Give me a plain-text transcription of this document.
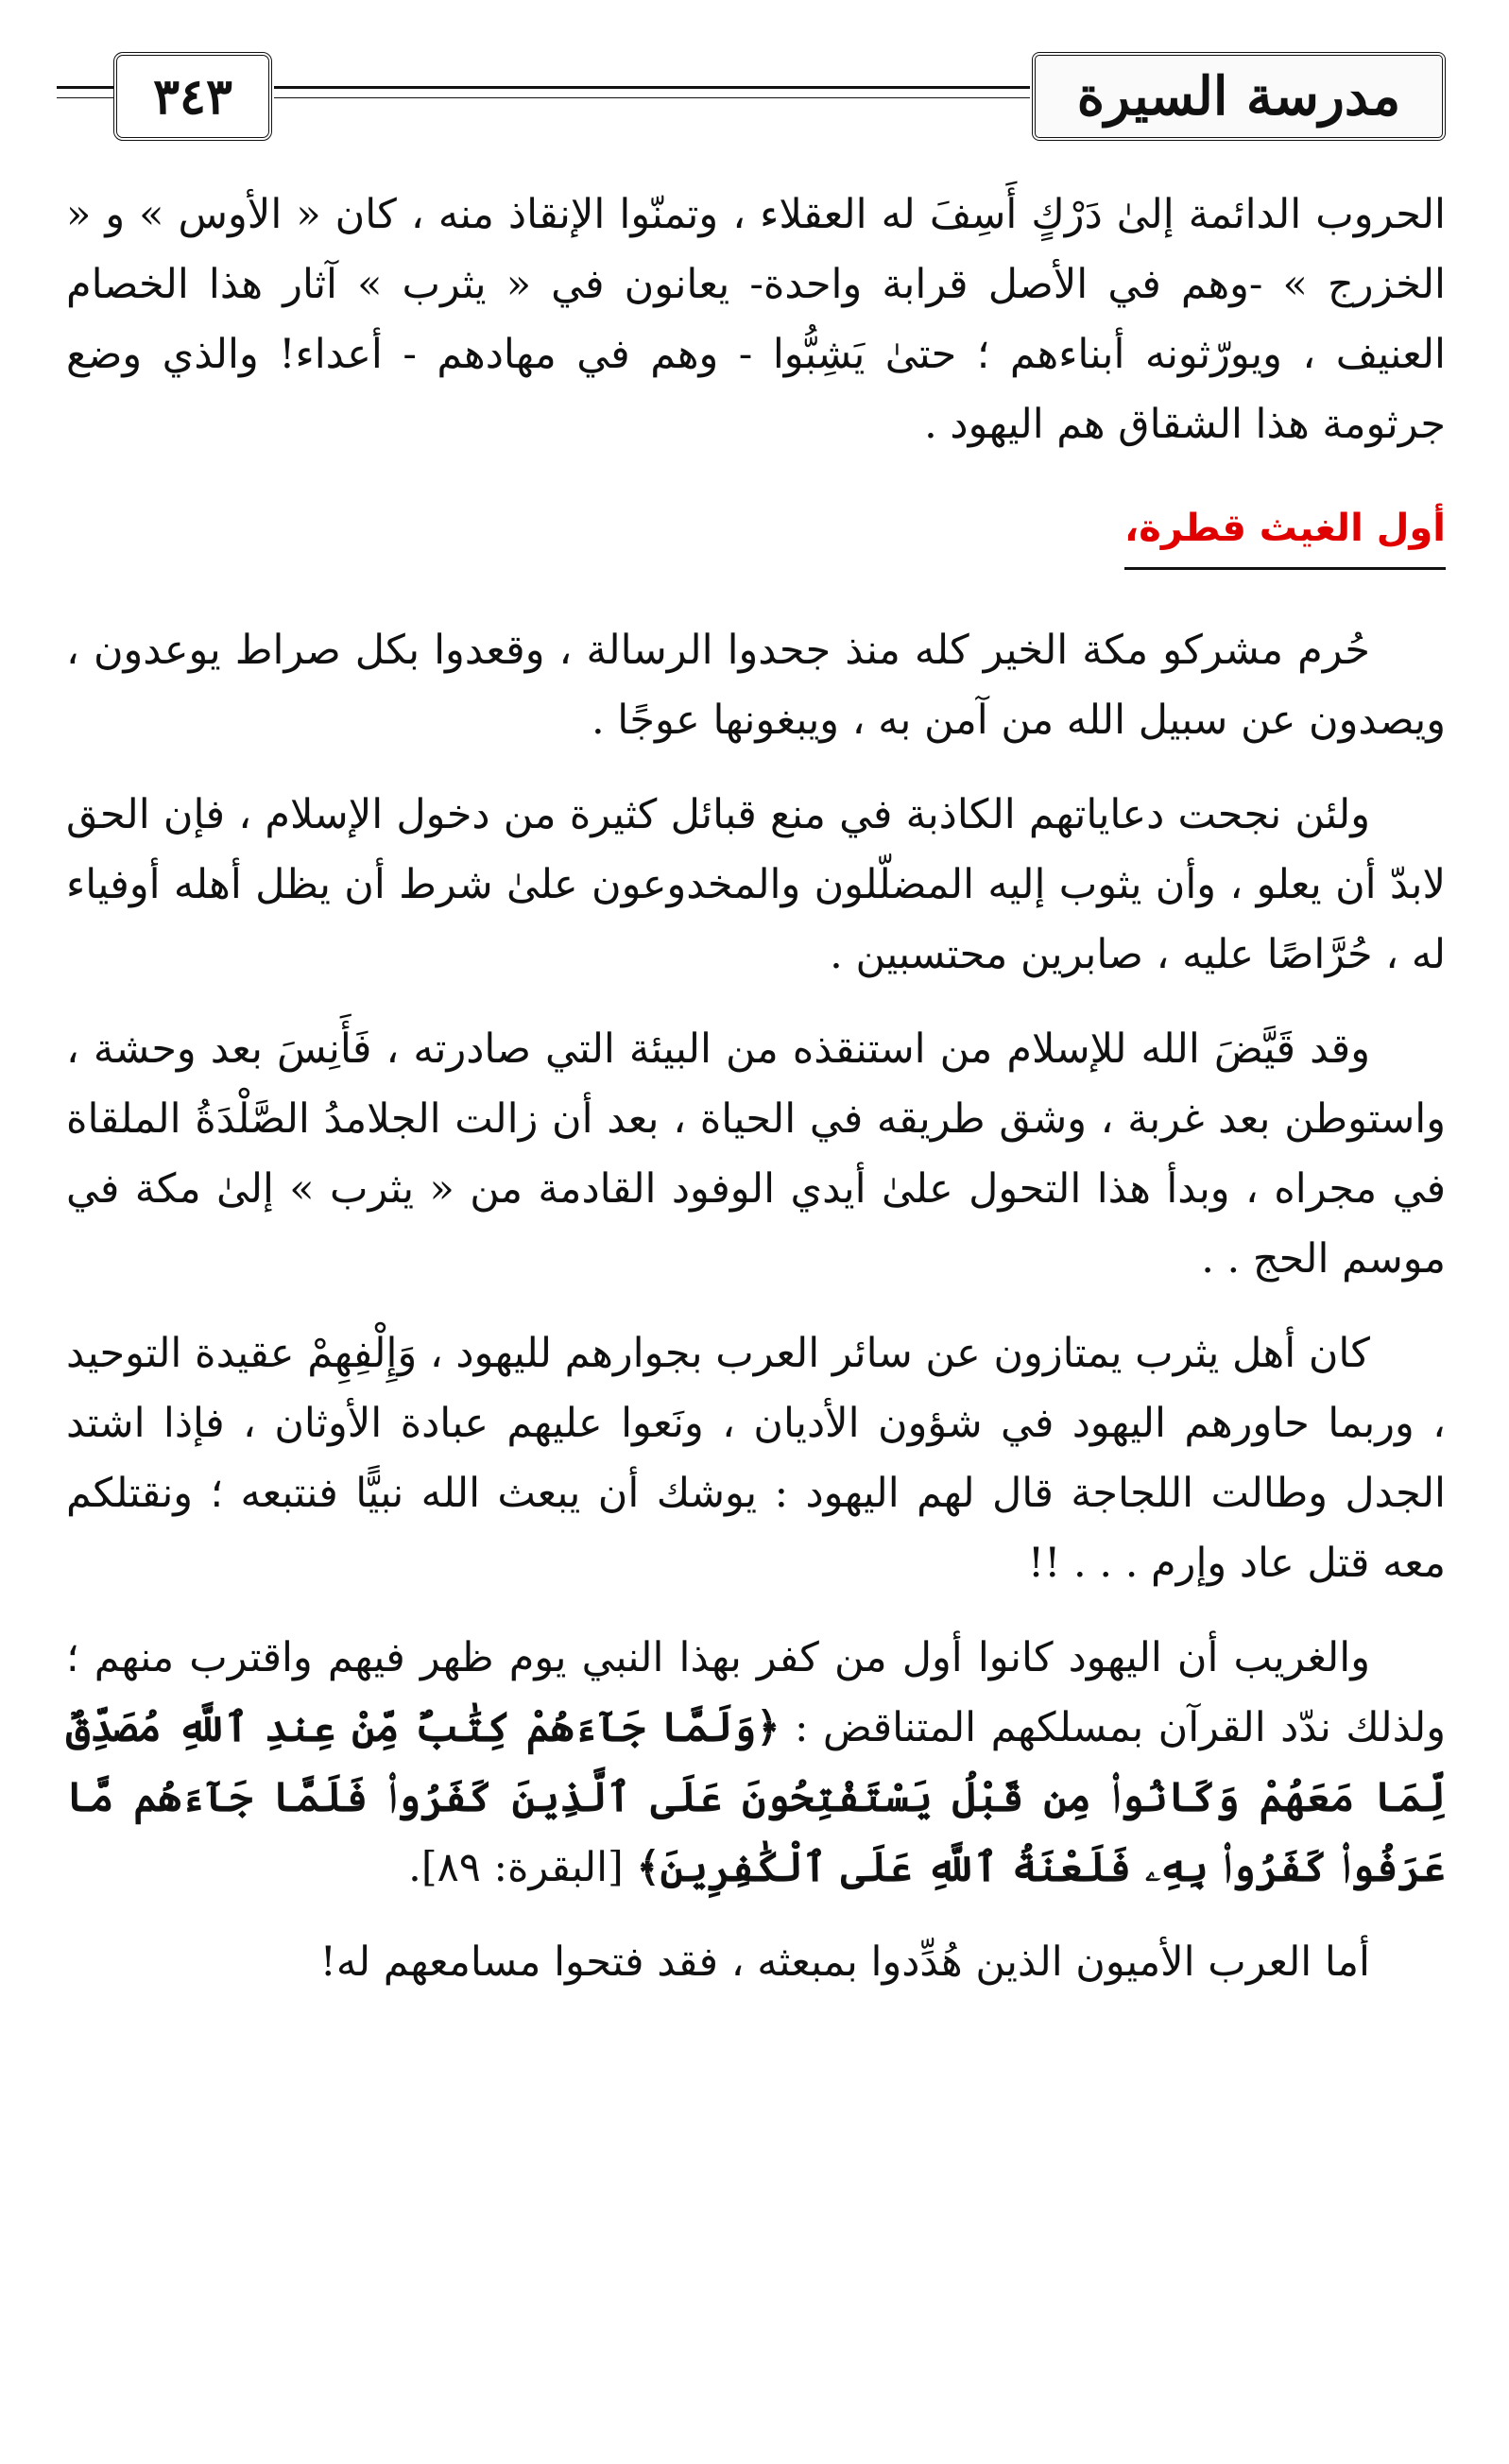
٣٤٣	مدرسة السيرة

الحروب الدائمة إلىٰ دَرْكٍ أَسِفَ له العقلاء ، وتمنّوا الإنقاذ منه ، كان « الأوس » و « الخزرج » -وهم في الأصل قرابة واحدة- يعانون في « يثرب » آثار هذا الخصام العنيف ، ويورّثونه أبناءهم ؛ حتىٰ يَشِبُّوا - وهم في مهادهم - أعداء! والذي وضع جرثومة هذا الشقاق هم اليهود .

أول الغيث قطرة،

حُرم مشركو مكة الخير كله منذ جحدوا الرسالة ، وقعدوا بكل صراط يوعدون ، ويصدون عن سبيل الله من آمن به ، ويبغونها عوجًا .

ولئن نجحت دعاياتهم الكاذبة في منع قبائل كثيرة من دخول الإسلام ، فإن الحق لابدّ أن يعلو ، وأن يثوب إليه المضلّلون والمخدوعون علىٰ شرط أن يظل أهله أوفياء له ، حُرَّاصًا عليه ، صابرين محتسبين .

وقد قَيَّضَ الله للإسلام من استنقذه من البيئة التي صادرته ، فَأَنِسَ بعد وحشة ، واستوطن بعد غربة ، وشق طريقه في الحياة ، بعد أن زالت الجلامدُ الصَّلْدَةُ الملقاة في مجراه ، وبدأ هذا التحول علىٰ أيدي الوفود القادمة من « يثرب » إلىٰ مكة في موسم الحج . .

كان أهل يثرب يمتازون عن سائر العرب بجوارهم لليهود ، وَإِلْفِهِمْ عقيدة التوحيد ، وربما حاورهم اليهود في شؤون الأديان ، ونَعوا عليهم عبادة الأوثان ، فإذا اشتد الجدل وطالت اللجاجة قال لهم اليهود : يوشك أن يبعث الله نبيًّا فنتبعه ؛ ونقتلكم معه قتل عاد وإرم . . . !!

والغريب أن اليهود كانوا أول من كفر بهذا النبي يوم ظهر فيهم واقترب منهم ؛ ولذلك ندّد القرآن بمسلكهم المتناقض : ﴿وَلَمَّا جَآءَهُمْ كِتَٰبٌ مِّنْ عِندِ ٱللَّهِ مُصَدِّقٌ لِّمَا مَعَهُمْ وَكَانُوا۟ مِن قَبْلُ يَسْتَفْتِحُونَ عَلَى ٱلَّذِينَ كَفَرُوا۟ فَلَمَّا جَآءَهُم مَّا عَرَفُوا۟ كَفَرُوا۟ بِهِۦ فَلَعْنَةُ ٱللَّهِ عَلَى ٱلْكَٰفِرِينَ﴾ [البقرة: ٨٩].

أما العرب الأميون الذين هُدِّدوا بمبعثه ، فقد فتحوا مسامعهم له!
